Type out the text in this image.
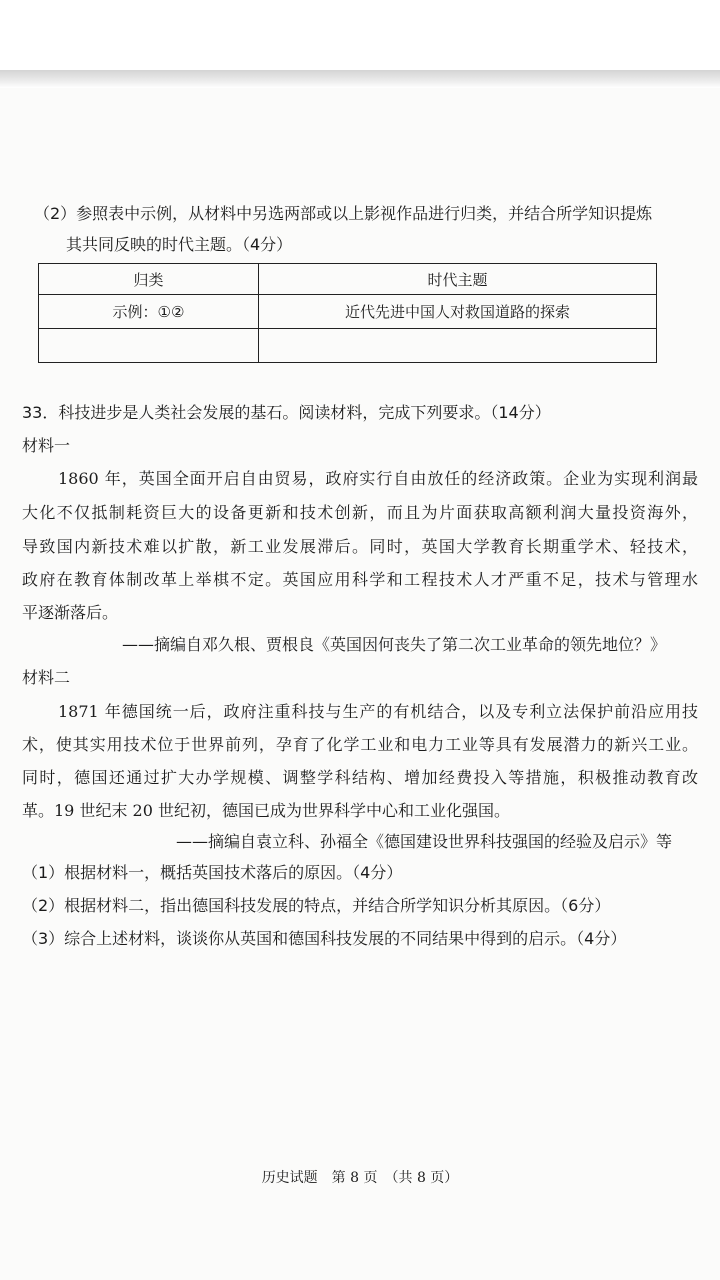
（2）参照表中示例，从材料中另选两部或以上影视作品进行归类，并结合所学知识提炼
其共同反映的时代主题。（4分）
归类	时代主题
示例：①②	近代先进中国人对救国道路的探索

33．科技进步是人类社会发展的基石。阅读材料，完成下列要求。（14分）
材料一
1860 年，英国全面开启自由贸易，政府实行自由放任的经济政策。企业为实现利润最
大化不仅抵制耗资巨大的设备更新和技术创新，而且为片面获取高额利润大量投资海外，
导致国内新技术难以扩散，新工业发展滞后。同时，英国大学教育长期重学术、轻技术，
政府在教育体制改革上举棋不定。英国应用科学和工程技术人才严重不足，技术与管理水
平逐渐落后。
——摘编自邓久根、贾根良《英国因何丧失了第二次工业革命的领先地位？》
材料二
1871 年德国统一后，政府注重科技与生产的有机结合，以及专利立法保护前沿应用技
术，使其实用技术位于世界前列，孕育了化学工业和电力工业等具有发展潜力的新兴工业。
同时，德国还通过扩大办学规模、调整学科结构、增加经费投入等措施，积极推动教育改
革。19 世纪末 20 世纪初，德国已成为世界科学中心和工业化强国。
——摘编自袁立科、孙福全《德国建设世界科技强国的经验及启示》等
（1）根据材料一，概括英国技术落后的原因。（4分）
（2）根据材料二，指出德国科技发展的特点，并结合所学知识分析其原因。（6分）
（3）综合上述材料，谈谈你从英国和德国科技发展的不同结果中得到的启示。（4分）
历史试题　第 8 页　（共 8 页）
